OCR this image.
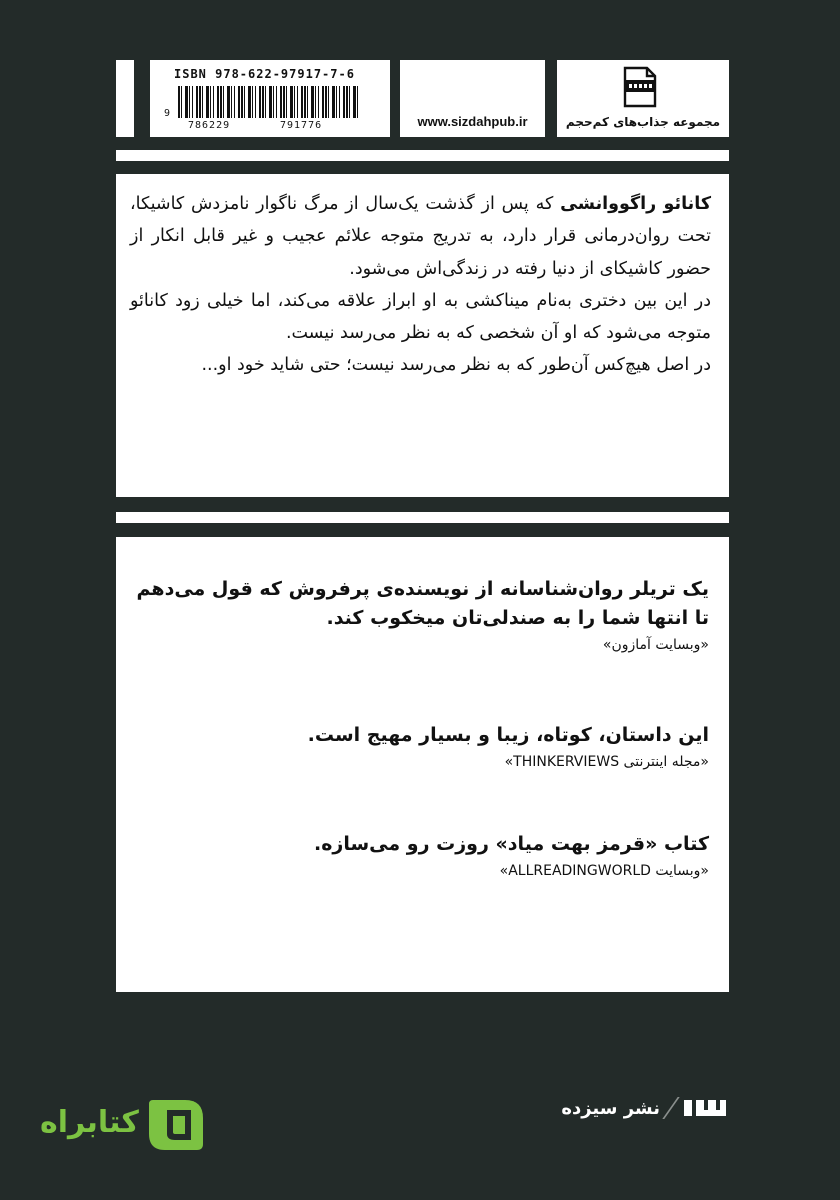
ISBN 978-622-97917-7-6
9
786229	791776	www.sizdahpub.ir	مجموعه جذاب‌های کم‌حجم

کانائو راگووانشی که پس از گذشت یک‌سال از مرگ ناگوار نامزدش کاشیکا، تحت روان‌درمانی قرار دارد، به تدریج متوجه علائم عجیب و غیر قابل انکار از حضور کاشیکای از دنیا رفته در زندگی‌اش می‌شود.

در این بین دختری به‌نام میناکشی به او ابراز علاقه می‌کند، اما خیلی زود کانائو متوجه می‌شود که او آن شخصی که به نظر می‌رسد نیست.

در اصل هیچ‌کس آن‌طور که به نظر می‌رسد نیست؛ حتی شاید خود او...

یک تریلر روان‌شناسانه از نویسنده‌ی پرفروش که قول می‌دهم تا انتها شما را به صندلی‌تان میخکوب کند.

«وبسایت آمازون»

این داستان، کوتاه، زیبا و بسیار مهیج است.

«مجله اینترنتی THINKERVIEWS»

کتاب «قرمز بهت میاد» روزت رو می‌سازه.

«وبسایت ALLREADINGWORLD»

نشر سیزده
کتابراه
